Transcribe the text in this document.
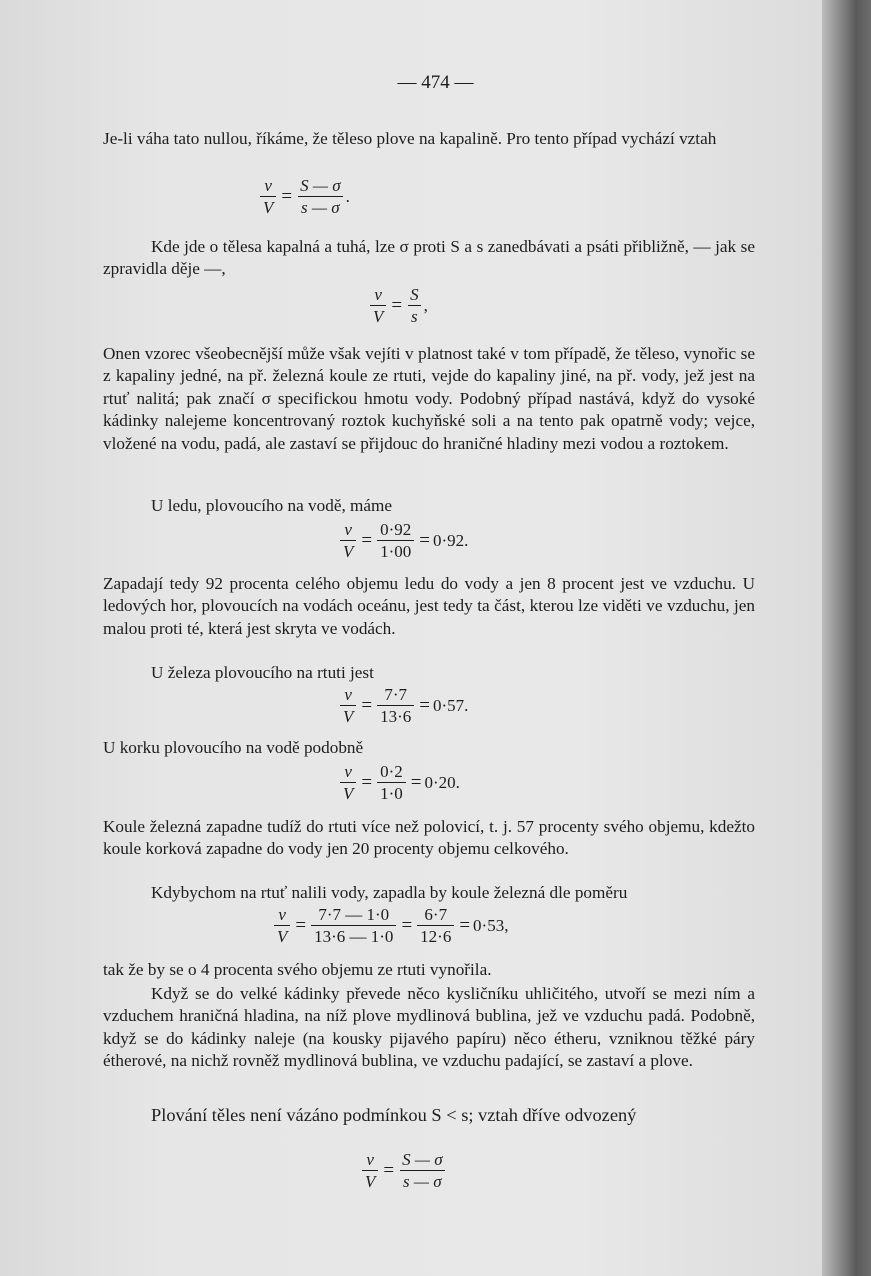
— 474 —

Je-li váha tato nullou, říkáme, že těleso plove na kapalině. Pro tento případ vychází vztah

$\frac{v}{V} = \frac{S — \sigma}{s — \sigma}$ .

Kde jde o tělesa kapalná a tuhá, lze σ proti S a s zanedbávati a psáti přibližně, — jak se zpravidla děje —,

$\frac{v}{V} = \frac{S}{s}$ ,

Onen vzorec všeobecnější může však vejíti v platnost také v tom případě, že těleso, vynořic se z kapaliny jedné, na př. železná koule ze rtuti, vejde do kapaliny jiné, na př. vody, jež jest na rtuť nalitá; pak značí σ specifickou hmotu vody. Podobný případ nastává, když do vysoké kádinky nalejeme koncentrovaný roztok kuchyňské soli a na tento pak opatrně vody; vejce, vložené na vodu, padá, ale zastaví se přijdouc do hraničné hladiny mezi vodou a roztokem.

U ledu, plovoucího na vodě, máme

$\frac{v}{V} = \frac{0\cdot 92}{1\cdot 00} = 0\cdot 92$.

Zapadají tedy 92 procenta celého objemu ledu do vody a jen 8 procent jest ve vzduchu. U ledových hor, plovoucích na vodách oceánu, jest tedy ta část, kterou lze viděti ve vzduchu, jen malou proti té, která jest skryta ve vodách.

U železa plovoucího na rtuti jest

$\frac{v}{V} = \frac{7\cdot 7}{13\cdot 6} = 0\cdot 57$.

U korku plovoucího na vodě podobně

$\frac{v}{V} = \frac{0\cdot 2}{1\cdot 0} = 0\cdot 20$.

Koule železná zapadne tudíž do rtuti více než polovicí, t. j. 57 procenty svého objemu, kdežto koule korková zapadne do vody jen 20 procenty objemu celkového.

Kdybychom na rtuť nalili vody, zapadla by koule železná dle poměru

$\frac{v}{V} = \frac{7\cdot 7 — 1\cdot 0}{13\cdot 6 — 1\cdot 0} = \frac{6\cdot 7}{12\cdot 6} = 0\cdot 53$,

tak že by se o 4 procenta svého objemu ze rtuti vynořila.

Když se do velké kádinky převede něco kysličníku uhličitého, utvoří se mezi ním a vzduchem hraničná hladina, na níž plove mydlinová bublina, jež ve vzduchu padá. Podobně, když se do kádinky naleje (na kousky pijavého papíru) něco étheru, vzniknou těžké páry étherové, na nichž rovněž mydlinová bublina, ve vzduchu padající, se zastaví a plove.

Plování těles není vázáno podmínkou S < s; vztah dříve odvozený

$\frac{v}{V} = \frac{S — \sigma}{s — \sigma}$
